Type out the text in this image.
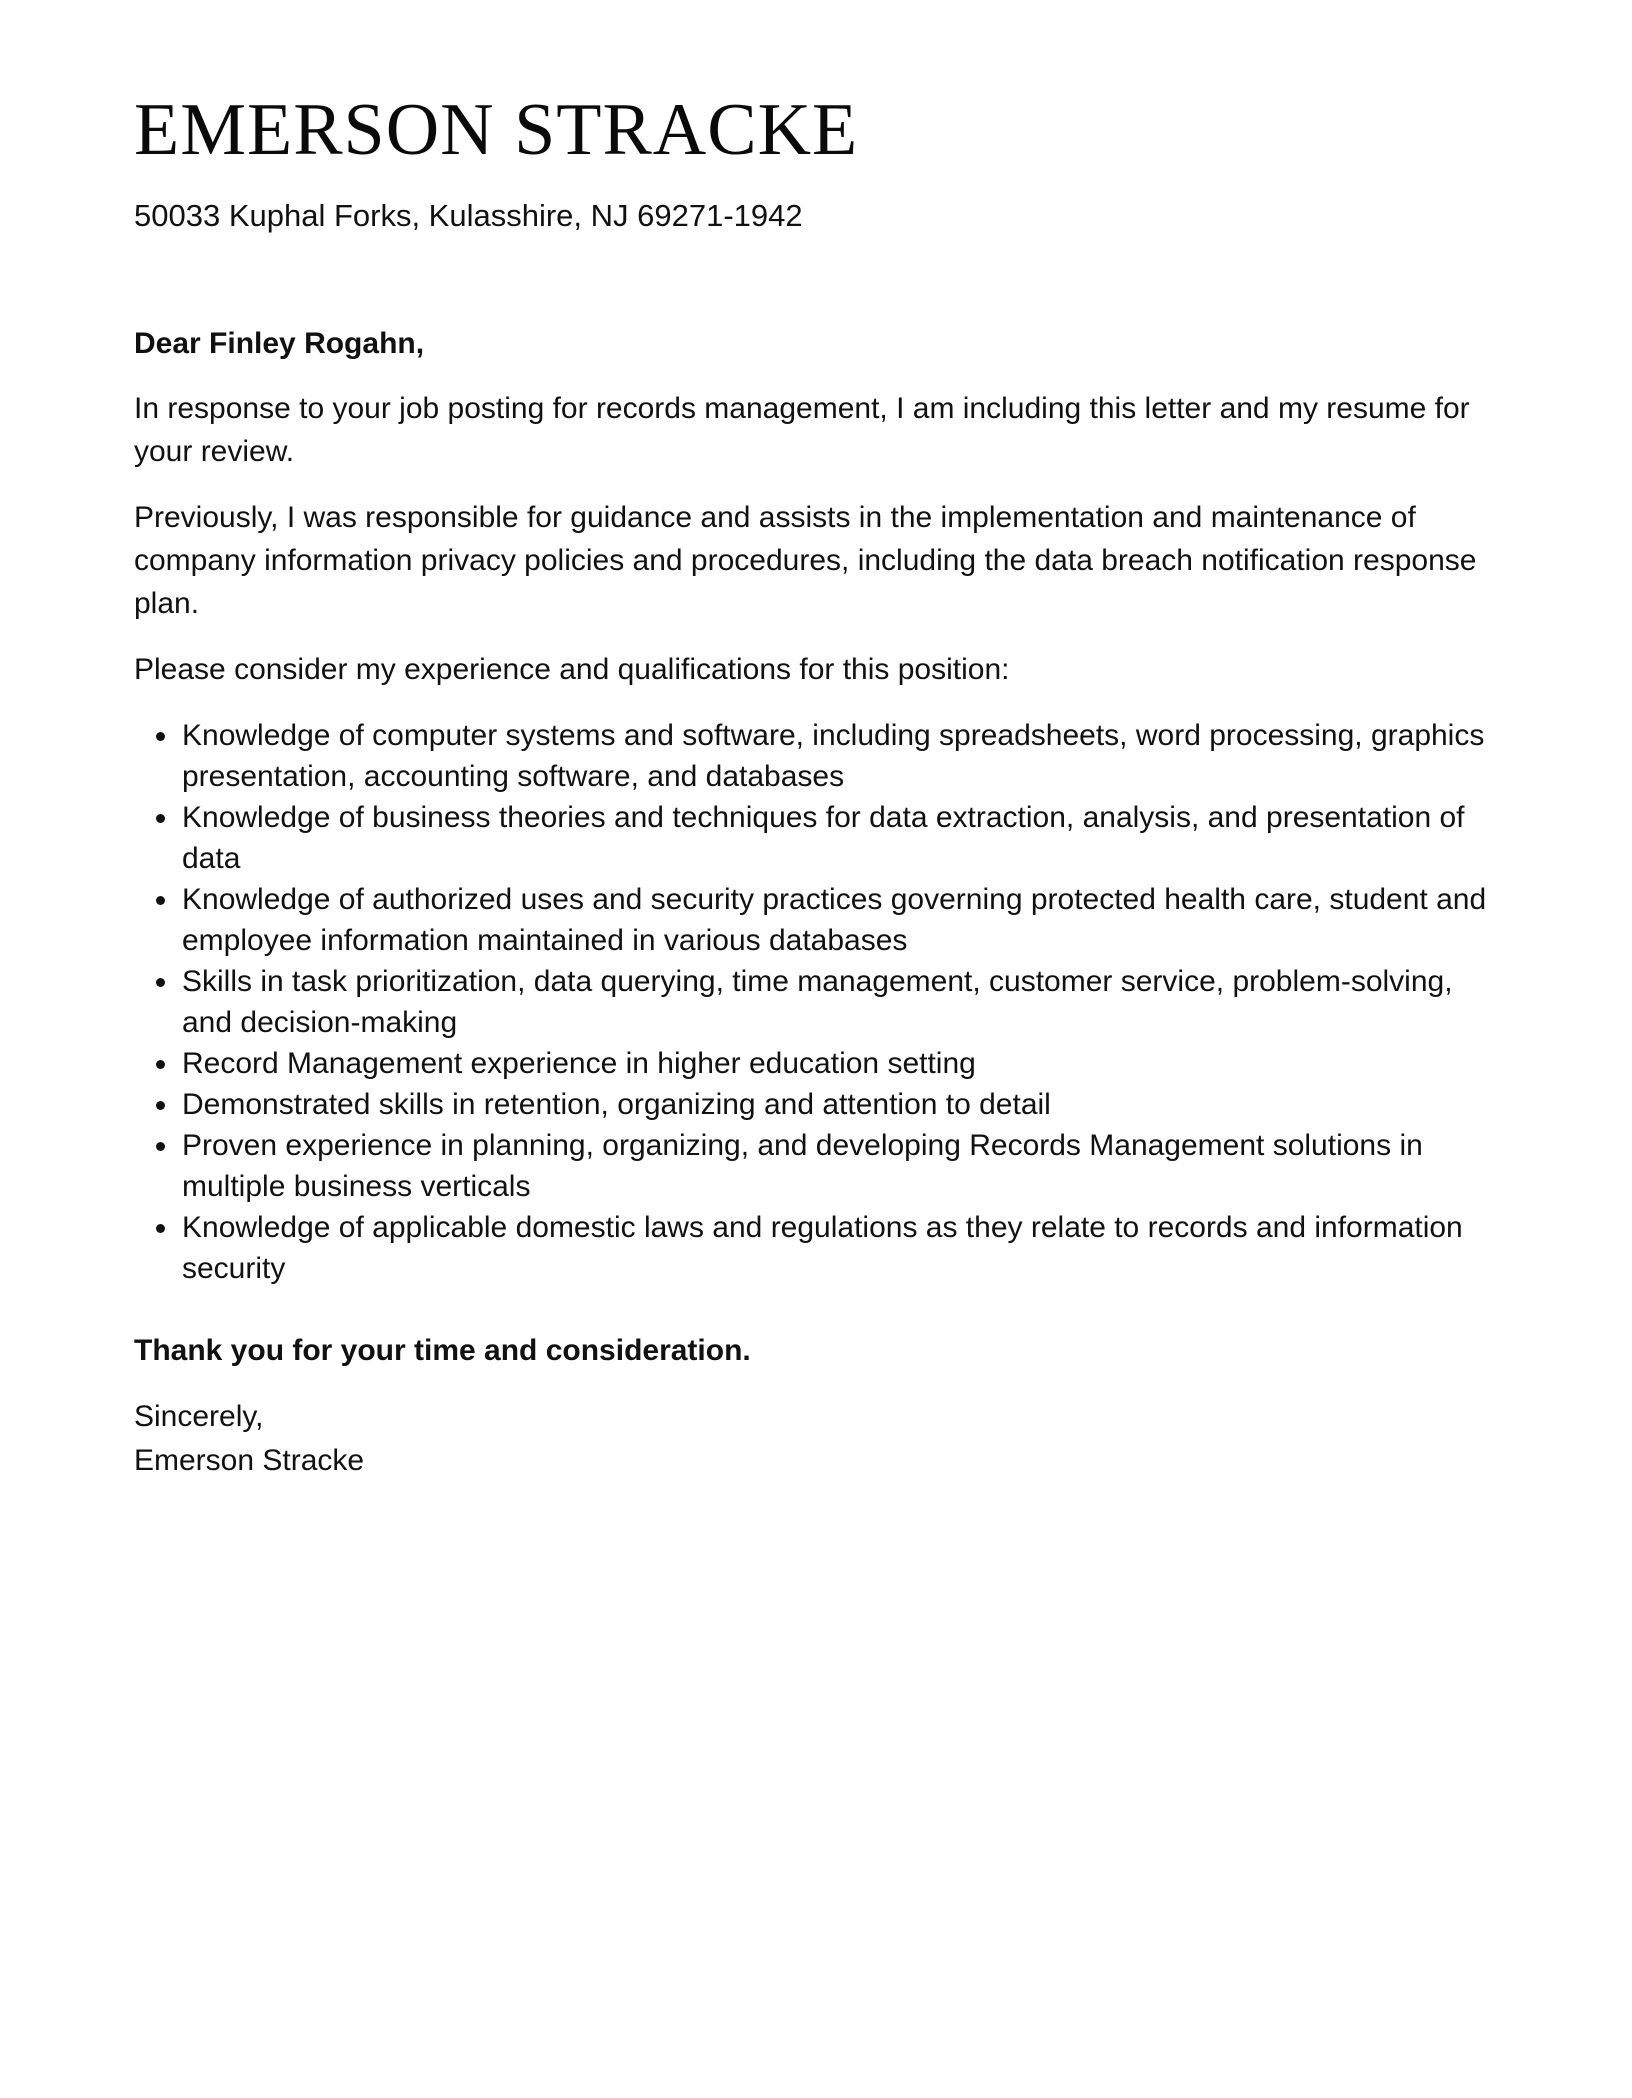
EMERSON STRACKE
50033 Kuphal Forks, Kulasshire, NJ 69271-1942
Dear Finley Rogahn,
In response to your job posting for records management, I am including this letter and my resume for your review.
Previously, I was responsible for guidance and assists in the implementation and maintenance of company information privacy policies and procedures, including the data breach notification response plan.
Please consider my experience and qualifications for this position:
Knowledge of computer systems and software, including spreadsheets, word processing, graphics presentation, accounting software, and databases
Knowledge of business theories and techniques for data extraction, analysis, and presentation of data
Knowledge of authorized uses and security practices governing protected health care, student and employee information maintained in various databases
Skills in task prioritization, data querying, time management, customer service, problem-solving, and decision-making
Record Management experience in higher education setting
Demonstrated skills in retention, organizing and attention to detail
Proven experience in planning, organizing, and developing Records Management solutions in multiple business verticals
Knowledge of applicable domestic laws and regulations as they relate to records and information security
Thank you for your time and consideration.
Sincerely,
Emerson Stracke
